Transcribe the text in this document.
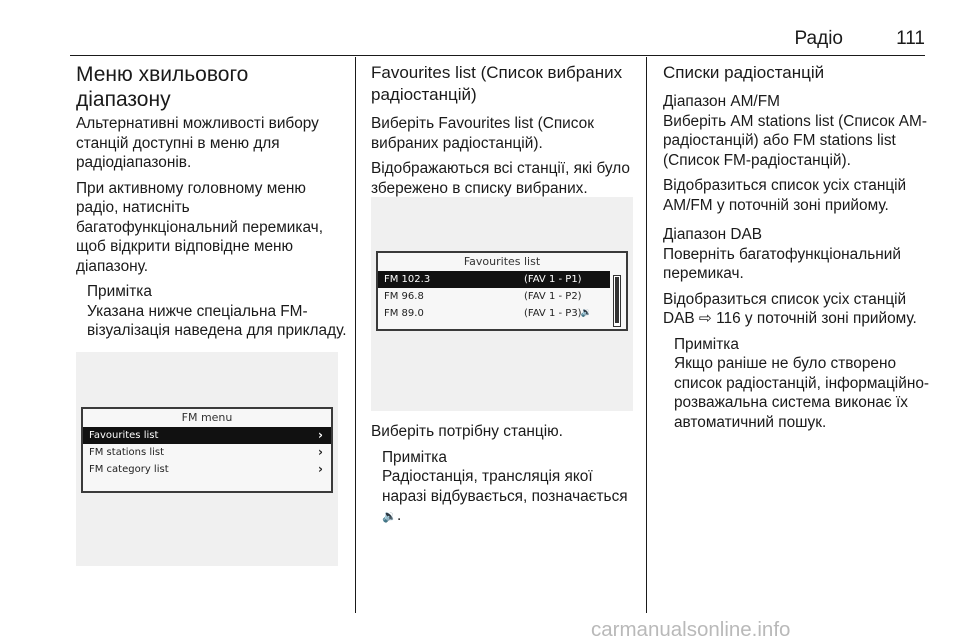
Радіо	111
Меню хвильового діапазону

Альтернативні можливості вибору станцій доступні в меню для радіодіапазонів.

При активному головному меню радіо, натисніть багатофункціональний перемикач, щоб відкрити відповідне меню діапазону.

Примітка
Указана нижче спеціальна FM-візуалізація наведена для прикладу.
FM menu
Favourites list	›
FM stations list	›
FM category list	›
Favourites list (Список вибраних радіостанцій)

Виберіть Favourites list (Список вибраних радіостанцій).

Відображаються всі станції, які було збережено в списку вибраних.

Favourites list
FM 102.3	(FAV 1 - P1)
FM 96.8	(FAV 1 - P2)
FM 89.0	(FAV 1 - P3) 🔉

Виберіть потрібну станцію.

Примітка
Радіостанція, трансляція якої наразі відбувається, позначається 🔉.
Списки радіостанцій
Діапазон AM/FM

Виберіть AM stations list (Список АМ-радіостанцій) або FM stations list (Список FM-радіостанцій).

Відобразиться список усіх станцій AM/FM у поточній зоні прийому.

Діапазон DAB

Поверніть багатофункціональний перемикач.

Відобразиться список усіх станцій DAB ⇨ 116 у поточній зоні прийому.

Примітка
Якщо раніше не було створено список радіостанцій, інформаційно-розважальна система виконає їх автоматичний пошук.
carmanualsonline.info
